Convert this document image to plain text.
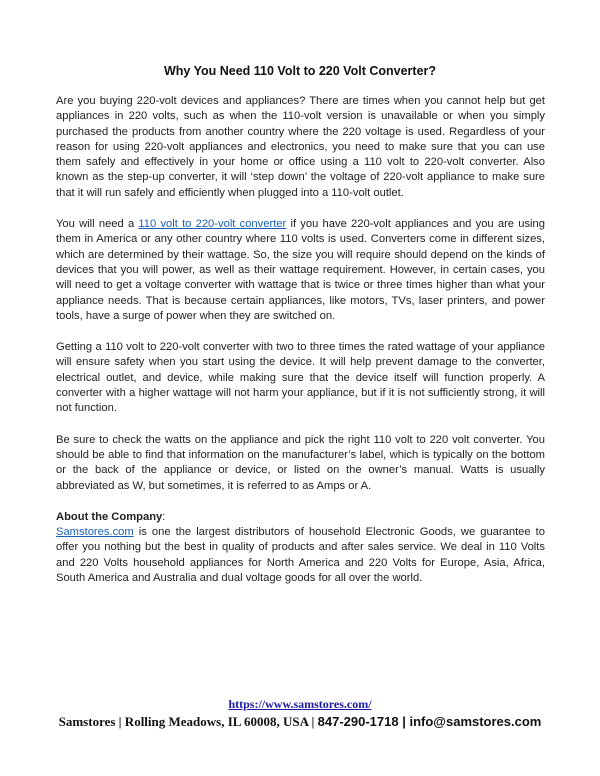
Why You Need 110 Volt to 220 Volt Converter?

Are you buying 220-volt devices and appliances? There are times when you cannot help but get appliances in 220 volts, such as when the 110-volt version is unavailable or when you simply purchased the products from another country where the 220 voltage is used. Regardless of your reason for using 220-volt appliances and electronics, you need to make sure that you can use them safely and effectively in your home or office using a 110 volt to 220-volt converter. Also known as the step-up converter, it will ‘step down’ the voltage of 220-volt appliance to make sure that it will run safely and efficiently when plugged into a 110-volt outlet.

You will need a 110 volt to 220-volt converter if you have 220-volt appliances and you are using them in America or any other country where 110 volts is used. Converters come in different sizes, which are determined by their wattage. So, the size you will require should depend on the kinds of devices that you will power, as well as their wattage requirement. However, in certain cases, you will need to get a voltage converter with wattage that is twice or three times higher than what your appliance needs. That is because certain appliances, like motors, TVs, laser printers, and power tools, have a surge of power when they are switched on.

Getting a 110 volt to 220-volt converter with two to three times the rated wattage of your appliance will ensure safety when you start using the device. It will help prevent damage to the converter, electrical outlet, and device, while making sure that the device itself will function properly. A converter with a higher wattage will not harm your appliance, but if it is not sufficiently strong, it will not function.

Be sure to check the watts on the appliance and pick the right 110 volt to 220 volt converter. You should be able to find that information on the manufacturer’s label, which is typically on the bottom or the back of the appliance or device, or listed on the owner’s manual. Watts is usually abbreviated as W, but sometimes, it is referred to as Amps or A.

About the Company:

Samstores.com is one the largest distributors of household Electronic Goods, we guarantee to offer you nothing but the best in quality of products and after sales service. We deal in 110 Volts and 220 Volts household appliances for North America and 220 Volts for Europe, Asia, Africa, South America and Australia and dual voltage goods for all over the world.

https://www.samstores.com/
Samstores | Rolling Meadows, IL 60008, USA | 847-290-1718 | info@samstores.com
